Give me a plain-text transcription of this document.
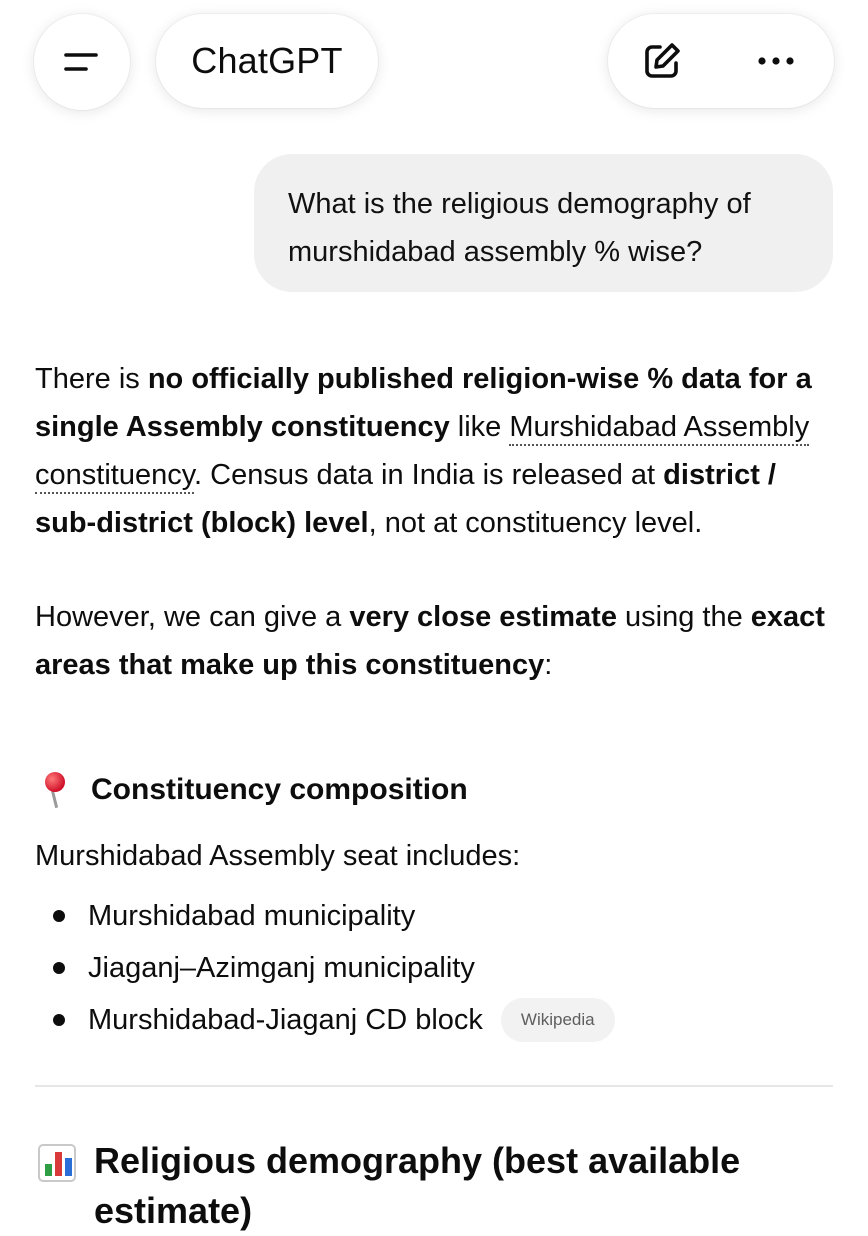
ChatGPT
What is the religious demography of murshidabad assembly % wise?

There is no officially published religion-wise % data for a single Assembly constituency like Murshidabad Assembly constituency. Census data in India is released at district / sub-district (block) level, not at constituency level.

However, we can give a very close estimate using the exact areas that make up this constituency:

Constituency composition
Murshidabad Assembly seat includes:
Murshidabad municipality
Jiaganj–Azimganj municipality
Murshidabad-Jiaganj CD block	Wikipedia
Religious demography (best available estimate)
